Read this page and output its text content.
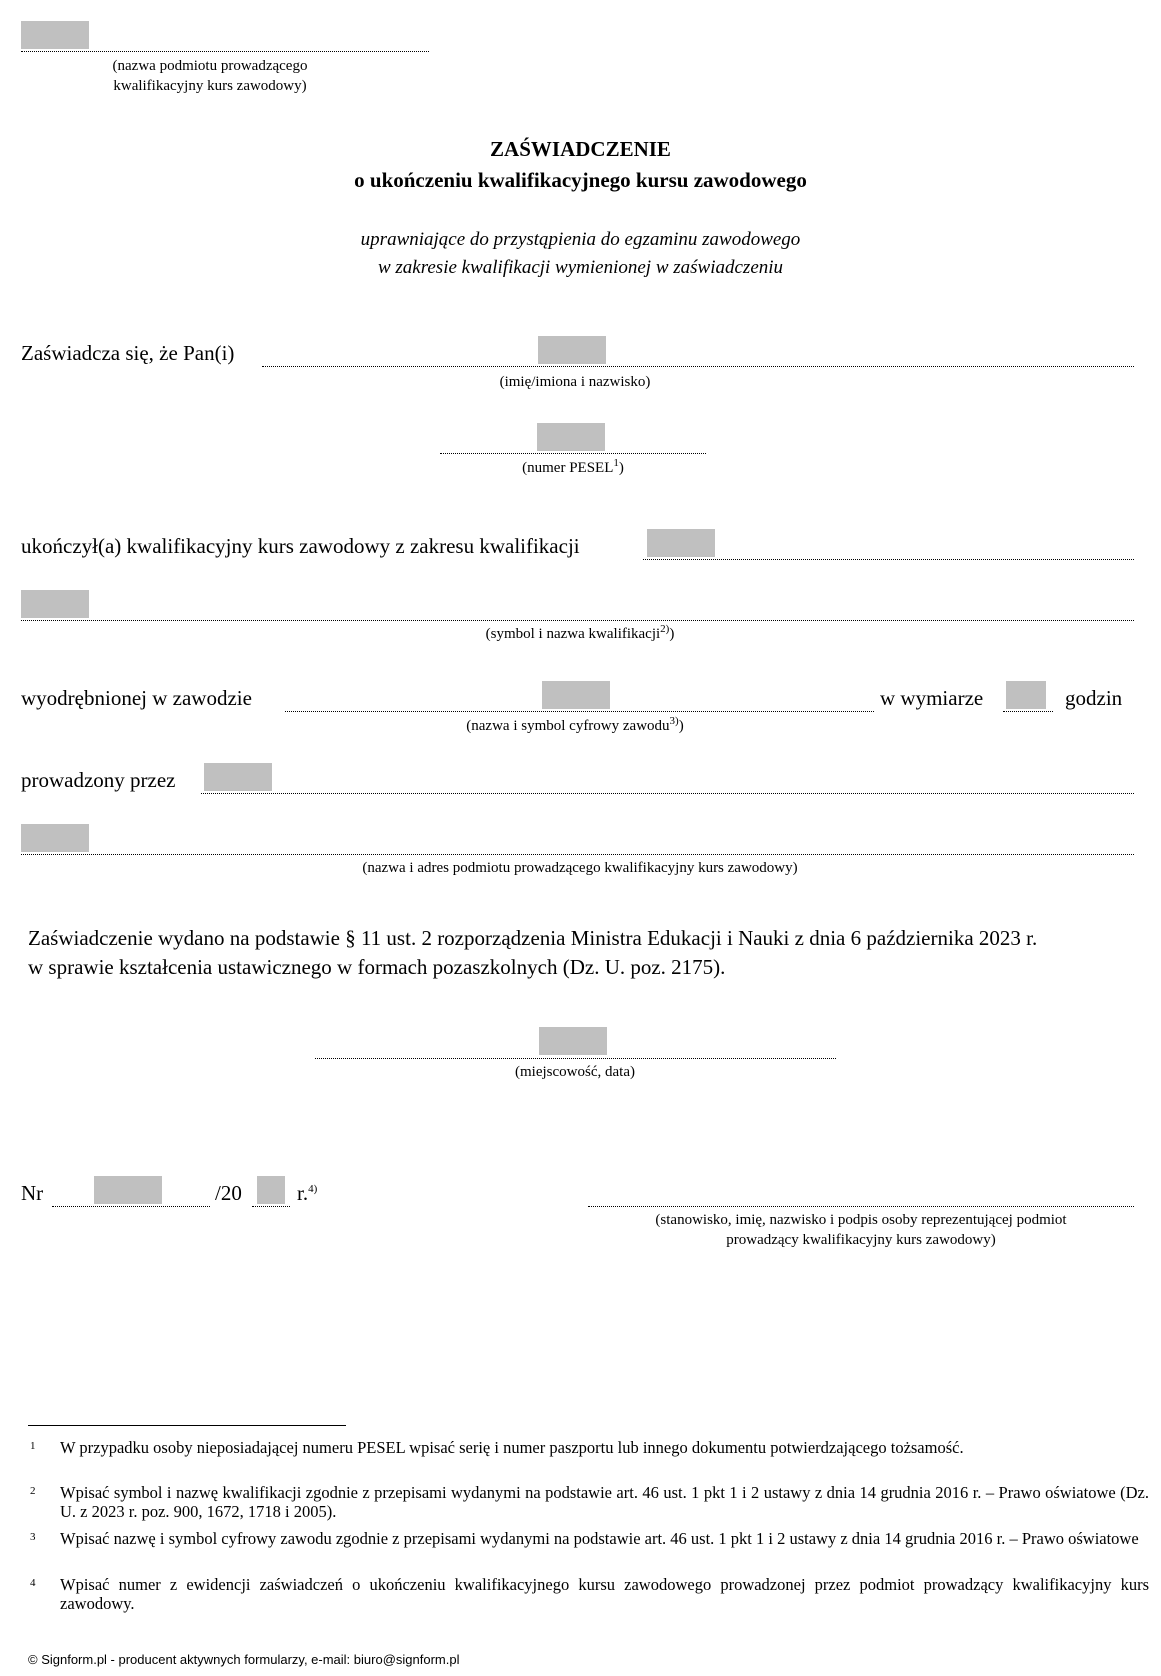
(nazwa podmiotu prowadzącego
kwalifikacyjny kurs zawodowy)
ZAŚWIADCZENIE
o ukończeniu kwalifikacyjnego kursu zawodowego
uprawniające do przystąpienia do egzaminu zawodowego
w zakresie kwalifikacji wymienionej w zaświadczeniu
Zaświadcza się, że Pan(i)
(imię/imiona i nazwisko)
(numer PESEL$^1$)
ukończył(a) kwalifikacyjny kurs zawodowy z zakresu kwalifikacji
(symbol i nazwa kwalifikacji$^{2)}$)
wyodrębnionej w zawodzie	w wymiarze	godzin
(nazwa i symbol cyfrowy zawodu$^{3)}$)
prowadzony przez
(nazwa i adres podmiotu prowadzącego kwalifikacyjny kurs zawodowy)
Zaświadczenie wydano na podstawie § 11 ust. 2 rozporządzenia Ministra Edukacji i Nauki z dnia 6 października 2023 r.
w sprawie kształcenia ustawicznego w formach pozaszkolnych (Dz. U. poz. 2175).
(miejscowość, data)
Nr	/20	r.$^{4)}$
(stanowisko, imię, nazwisko i podpis osoby reprezentującej podmiot
prowadzący kwalifikacyjny kurs zawodowy)
1 W przypadku osoby nieposiadającej numeru PESEL wpisać serię i numer paszportu lub innego dokumentu potwierdzającego tożsamość.
2 Wpisać symbol i nazwę kwalifikacji zgodnie z przepisami wydanymi na podstawie art. 46 ust. 1 pkt 1 i 2 ustawy z dnia 14 grudnia 2016 r. – Prawo oświatowe (Dz. U. z 2023 r. poz. 900, 1672, 1718 i 2005).
3 Wpisać nazwę i symbol cyfrowy zawodu zgodnie z przepisami wydanymi na podstawie art. 46 ust. 1 pkt 1 i 2 ustawy z dnia 14 grudnia 2016 r. – Prawo oświatowe
4 Wpisać numer z ewidencji zaświadczeń o ukończeniu kwalifikacyjnego kursu zawodowego prowadzonej przez podmiot prowadzący kwalifikacyjny kurs zawodowy.
© Signform.pl - producent aktywnych formularzy, e-mail: biuro@signform.pl
